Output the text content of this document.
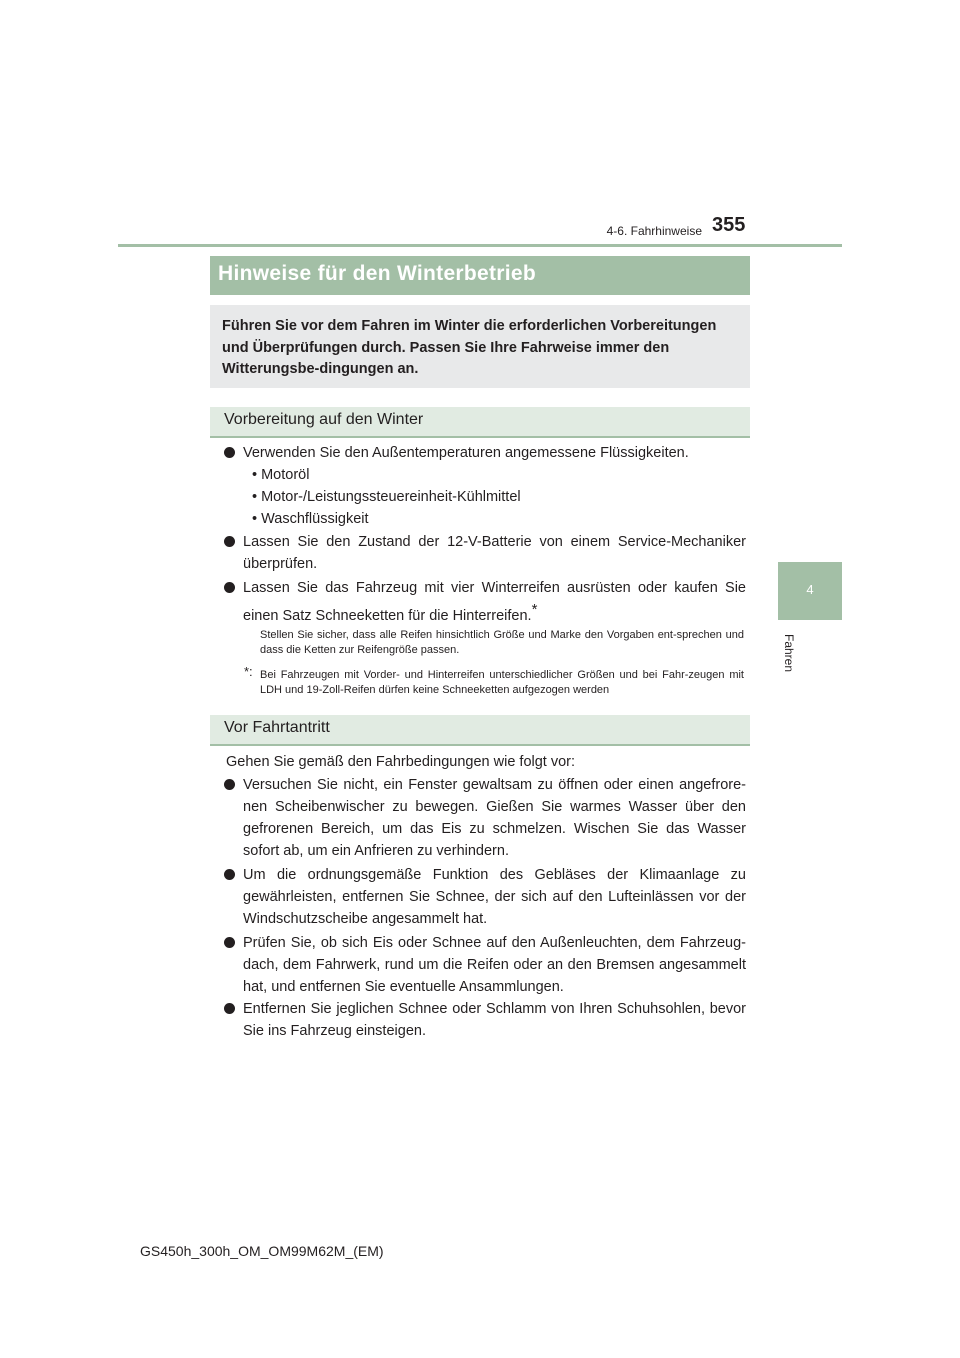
4-6. Fahrhinweise 355
4
Fahren
Hinweise für den Winterbetrieb
Führen Sie vor dem Fahren im Winter die erforderlichen Vorbereitungen und Überprüfungen durch. Passen Sie Ihre Fahrweise immer den Witterungsbe-dingungen an.
Vorbereitung auf den Winter
Verwenden Sie den Außentemperaturen angemessene Flüssigkeiten.
• Motoröl
• Motor-/Leistungssteuereinheit-Kühlmittel
• Waschflüssigkeit
Lassen Sie den Zustand der 12-V-Batterie von einem Service-Mechaniker überprüfen.
Lassen Sie das Fahrzeug mit vier Winterreifen ausrüsten oder kaufen Sie einen Satz Schneeketten für die Hinterreifen.*
Stellen Sie sicher, dass alle Reifen hinsichtlich Größe und Marke den Vorgaben ent-sprechen und dass die Ketten zur Reifengröße passen.
*: Bei Fahrzeugen mit Vorder- und Hinterreifen unterschiedlicher Größen und bei Fahr-zeugen mit LDH und 19-Zoll-Reifen dürfen keine Schneeketten aufgezogen werden
Vor Fahrtantritt
Gehen Sie gemäß den Fahrbedingungen wie folgt vor:
Versuchen Sie nicht, ein Fenster gewaltsam zu öffnen oder einen angefrore-nen Scheibenwischer zu bewegen. Gießen Sie warmes Wasser über den gefrorenen Bereich, um das Eis zu schmelzen. Wischen Sie das Wasser sofort ab, um ein Anfrieren zu verhindern.
Um die ordnungsgemäße Funktion des Gebläses der Klimaanlage zu gewährleisten, entfernen Sie Schnee, der sich auf den Lufteinlässen vor der Windschutzscheibe angesammelt hat.
Prüfen Sie, ob sich Eis oder Schnee auf den Außenleuchten, dem Fahrzeug-dach, dem Fahrwerk, rund um die Reifen oder an den Bremsen angesammelt hat, und entfernen Sie eventuelle Ansammlungen.
Entfernen Sie jeglichen Schnee oder Schlamm von Ihren Schuhsohlen, bevor Sie ins Fahrzeug einsteigen.
GS450h_300h_OM_OM99M62M_(EM)
